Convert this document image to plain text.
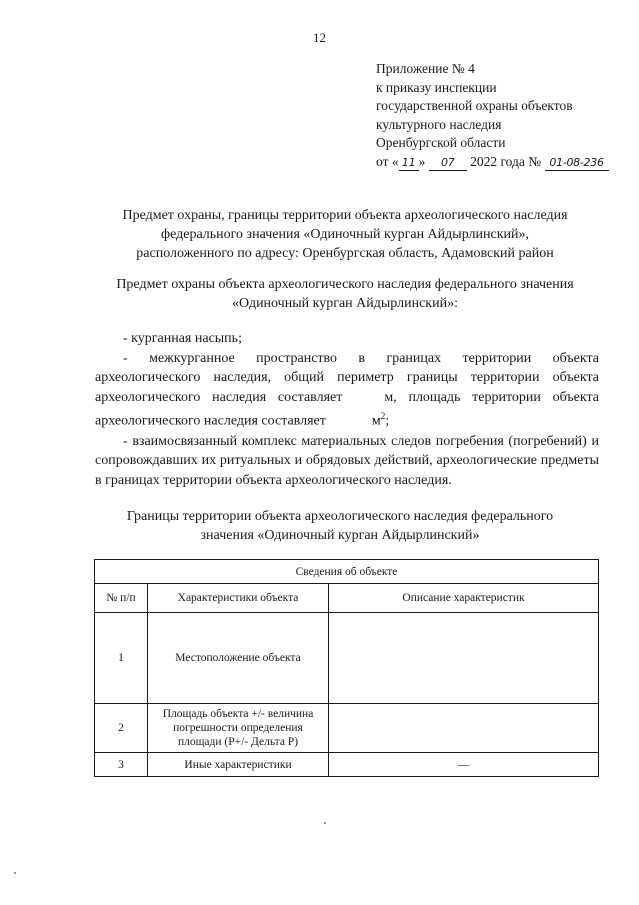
12
Приложение № 4
к приказу инспекции
государственной охраны объектов
культурного наследия
Оренбургской области
от « 11 » 07 2022 года № 01-08-236
Предмет охраны, границы территории объекта археологического наследия
федерального значения «Одиночный курган Айдырлинский»,
расположенного по адресу: Оренбургская область, Адамовский район
Предмет охраны объекта археологического наследия федерального значения
«Одиночный курган Айдырлинский»:

- курганная насыпь;

- межкурганное пространство в границах территории объекта археологического наследия, общий периметр границы территории объекта археологического наследия составляет	м, площадь территории объекта археологического наследия составляет	$м^2$;

- взаимосвязанный комплекс материальных следов погребения (погребений) и сопровождавших их ритуальных и обрядовых действий, археологические предметы в границах территории объекта археологического наследия.

Границы территории объекта археологического наследия федерального
значения «Одиночный курган Айдырлинский»
Сведения об объекте		
№ п/п	Характеристики объекта	Описание характеристик
1	Местоположение объекта	
2	Площадь объекта +/- величина погрешности определения площади (Р+/- Дельта Р)	
3	Иные характеристики	—
